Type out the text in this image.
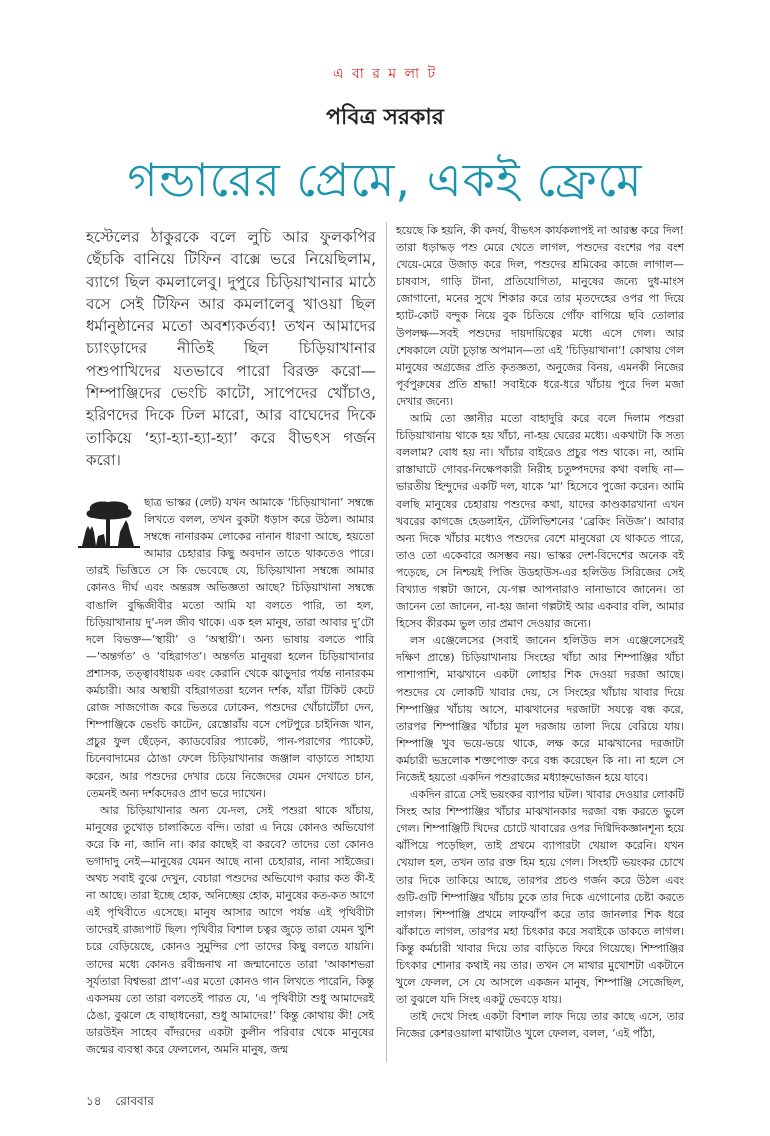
এ বা র ম লা ট
পবিত্র সরকার
গন্ডারের প্রেমে, একই ফ্রেমে
হস্টেলের ঠাকুরকে বলে লুচি আর ফুলকপির ছেঁচকি বানিয়ে টিফিন বাক্সে ভরে নিয়েছিলাম, ব্যাগে ছিল কমলালেবু। দুপুরে চিড়িয়াখানার মাঠে বসে সেই টিফিন আর কমলালেবু খাওয়া ছিল ধর্মানুষ্ঠানের মতো অবশ্যকর্তব্য! তখন আমাদের চ্যাংড়াদের নীতিই ছিল চিড়িয়াখানার পশুপাখিদের যতভাবে পারো বিরক্ত করো—শিম্পাঞ্জিদের ভেংচি কাটো, সাপেদের খোঁচাও, হরিণদের দিকে ঢিল মারো, আর বাঘেদের দিকে তাকিয়ে ‘হ্যা-হ্যা-হ্যা-হ্যা’ করে বীভৎস গর্জন করো।

ছাত্র ভাস্কর (লেট) যখন আমাকে ‘চিড়িয়াখানা’ সম্বন্ধে লিখতে বলল, তখন বুকটা ধড়াস করে উঠল। আমার সম্বন্ধে নানারকম লোকের নানান ধারণা আছে, হয়তো আমার চেহারার কিছু অবদান তাতে থাকতেও পারে। তারই ভিত্তিতে সে কি ভেবেছে যে, চিড়িয়াখানা সম্বন্ধে আমার কোনও দীর্ঘ এবং অন্তরঙ্গ অভিজ্ঞতা আছে? চিড়িয়াখানা সম্বন্ধে বাঙালি বুদ্ধিজীবীর মতো আমি যা বলতে পারি, তা হল, চিড়িয়াখানায় দু’-দল জীব থাকে। এক হল মানুষ, তারা আবার দু’টো দলে বিভক্ত—‘স্থায়ী’ ও ‘অস্থায়ী’। অন্য ভাষায় বলতে পারি—‘অন্তর্গত’ ও ‘বহিরাগত’। অন্তর্গত মানুষরা হলেন চিড়িয়াখানার প্রশাসক, তত্ত্বাবধায়ক এবং কেরানি থেকে ঝাড়ুদার পর্যন্ত নানারকম কর্মচারী। আর অস্থায়ী বহিরাগতরা হলেন দর্শক, যাঁরা টিকিট কেটে রোজ সাজগোজ করে ভিতরে ঢোকেন, পশুদের খোঁচাটোঁচা দেন, শিম্পাঞ্জিকে ভেংচি কাটেন, রেস্তোরাঁয় বসে পেটপুরে চাইনিজ খান, প্রচুর ফুল ছেঁড়েন, ক্যাডবেরির প্যাকেট, পান-পরাগের প্যাকেট, চিনেবাদামের ঠোঙা ফেলে চিড়িয়াখানার জঞ্জাল বাড়াতে সাহায্য করেন, আর পশুদের দেখার চেয়ে নিজেদের যেমন দেখাতে চান, তেমনই অন্য দর্শকদেরও প্রাণ ভরে দ্যাখেন।

আর চিড়িয়াখানার অন্য যে-দল, সেই পশুরা থাকে খাঁচায়, মানুষের তুখোড় চালাকিতে বন্দি। তারা এ নিয়ে কোনও অভিযোগ করে কি না, জানি না। কার কাছেই বা করবে? তাদের তো কোনও ভগাদাদু নেই—মানুষের যেমন আছে নানা চেহারার, নানা সাইজের। অথচ সবাই বুঝে দেখুন, বেচারা পশুদের অভিযোগ করার কত কী-ই না আছে। তারা ইচ্ছে হোক, অনিচ্ছেয় হোক, মানুষের কত-কত আগে এই পৃথিবীতে এসেছে। মানুষ আসার আগে পর্যন্ত এই পৃথিবীটা তাদেরই রাজ্যপাট ছিল। পৃথিবীর বিশাল চত্বর জুড়ে তারা যেমন খুশি চরে বেড়িয়েছে, কোনও সুমুন্দির পো তাদের কিছু বলতে যায়নি। তাদের মধ্যে কোনও রবীন্দ্রনাথ না জন্মানোতে তারা ‘আকাশভরা সূর্যতারা বিশ্বভরা প্রাণ’-এর মতো কোনও গান লিখতে পারেনি, কিন্তু একসময় তো তারা বলতেই পারত যে, ‘এ পৃথিবীটা শুধু আমাদেরই ঠেঙা, বুঝলে হে বাছাধনেরা, শুধু আমাদের!’ কিন্তু কোথায় কী! সেই ডারউইন সাহেব বাঁদরদের একটা কুলীন পরিবার থেকে মানুষের জন্মের ব্যবস্থা করে ফেললেন, অমনি মানুষ, জন্ম

হয়েছে কি হয়নি, কী কদর্য, বীভৎস কার্যকলাপই না আরম্ভ করে দিল! তারা ধড়াদ্ধড় পশু মেরে খেতে লাগল, পশুদের বংশের পর বংশ খেয়ে-মেরে উজাড় করে দিল, পশুদের শ্রমিকের কাজে লাগাল—চাষবাস, গাড়ি টানা, প্রতিযোগিতা, মানুষের জন্যে দুধ-মাংস জোগানো, মনের সুখে শিকার করে তার মৃতদেহের ওপর পা দিয়ে হ্যাট-কোট বন্দুক নিয়ে বুক চিতিয়ে গোঁফ বাগিয়ে ছবি তোলার উপলক্ষ—সবই পশুদের দায়দায়িত্বের মধ্যে এসে গেল। আর শেষকালে যেটা চূড়ান্ত অপমান—তা এই ‘চিড়িয়াখানা’! কোথায় গেল মানুষের অগ্রজের প্রতি কৃতজ্ঞতা, অনুজের বিনয়, এমনকী নিজের পূর্বপুরুষের প্রতি শ্রদ্ধা! সবাইকে ধরে-ধরে খাঁচায় পুরে দিল মজা দেখার জন্যে।

আমি তো জ্ঞানীর মতো বাহাদুরি করে বলে দিলাম পশুরা চিড়িয়াখানায় থাকে হয় খাঁচা, না-হয় ঘেরের মধ্যে। একথাটা কি সত্য বললাম? বোধ হয় না। খাঁচার বাইরেও প্রচুর পশু থাকে। না, আমি রাস্তাঘাটে গোবর-নিক্ষেপকারী নিরীহ চতুষ্পদদের কথা বলছি না—ভারতীয় হিন্দুদের একটি দল, যাকে ‘মা’ হিসেবে পুজো করেন। আমি বলছি মানুষের চেহারায় পশুদের কথা, যাদের কাণ্ডকারখানা এখন খবরের কাগজে হেডলাইন, টেলিভিশনের ‘ব্রেকিং নিউজ’। আবার অন্য দিকে খাঁচার মধ্যেও পশুদের বেশে মানুষেরা যে থাকতে পারে, তাও তো একেবারে অসম্ভব নয়। ভাস্কর দেশ-বিদেশের অনেক বই পড়েছে, সে নিশ্চয়ই পিজি উডহাউস-এর হলিউড সিরিজের সেই বিখ্যাত গল্পটা জানে, যে-গল্প আপনারাও নানাভাবে জানেন। তা জানেন তো জানেন, না-হয় জানা গল্পটাই আর একবার বলি, আমার হিসেব কীরকম ভুল তার প্রমাণ দেওয়ার জন্যে।

লস এঞ্জেলেসের (সবাই জানেন হলিউড লস এঞ্জেলেসেরই দক্ষিণ প্রান্তে) চিড়িয়াখানায় সিংহের খাঁচা আর শিম্পাঞ্জির খাঁচা পাশাপাশি, মাঝখানে একটা লোহার শিক দেওয়া দরজা আছে। পশুদের যে লোকটি খাবার দেয়, সে সিংহের খাঁচায় খাবার দিয়ে শিম্পাঞ্জির খাঁচায় আসে, মাঝখানের দরজাটা সযত্নে বন্ধ করে, তারপর শিম্পাঞ্জির খাঁচার মূল দরজায় তালা দিয়ে বেরিয়ে যায়। শিম্পাঞ্জি খুব ভয়ে-ভয়ে থাকে, লক্ষ করে মাঝখানের দরজাটা কর্মচারী ভদ্রলোক শক্তপোক্ত করে বন্ধ করেছেন কি না। না হলে সে নিজেই হয়তো একদিন পশুরাজের মধ্যাহ্নভোজন হয়ে যাবে।

একদিন রাত্রে সেই ভয়ংকর ব্যাপার ঘটল। খাবার দেওয়ার লোকটি সিংহ আর শিম্পাঞ্জির খাঁচার মাঝখানকার দরজা বন্ধ করতে ভুলে গেল। শিম্পাঞ্জিটি খিদের চোটে খাবারের ওপর দিগ্বিদিকজ্ঞানশূন্য হয়ে ঝাঁপিয়ে পড়েছিল, তাই প্রথমে ব্যাপারটা খেয়াল করেনি। যখন খেয়াল হল, তখন তার রক্ত হিম হয়ে গেল। সিংহটি ভয়ংকর চোখে তার দিকে তাকিয়ে আছে, তারপর প্রচণ্ড গর্জন করে উঠল এবং গুটি-গুটি শিম্পাঞ্জির খাঁচায় ঢুকে তার দিকে এগোনোর চেষ্টা করতে লাগল। শিম্পাঞ্জি প্রথমে লাফঝাঁপ করে তার জানলার শিক ধরে ঝাঁকাতে লাগল, তারপর মহা চিৎকার করে সবাইকে ডাকতে লাগল। কিন্তু কর্মচারী খাবার দিয়ে তার বাড়িতে ফিরে গিয়েছে। শিম্পাঞ্জির চিৎকার শোনার কথাই নয় তার। তখন সে মাথার মুখোশটা একটানে খুলে ফেলল, সে যে আসলে একজন মানুষ, শিম্পাঞ্জি সেজেছিল, তা বুঝলে যদি সিংহ একটু ভেবড়ে যায়।

তাই দেখে সিংহ একটা বিশাল লাফ দিয়ে তার কাছে এসে, তার নিজের কেশরওয়ালা মাথাটাও খুলে ফেলল, বলল, ‘এই পাঁঠা,

১৪ রোববার
